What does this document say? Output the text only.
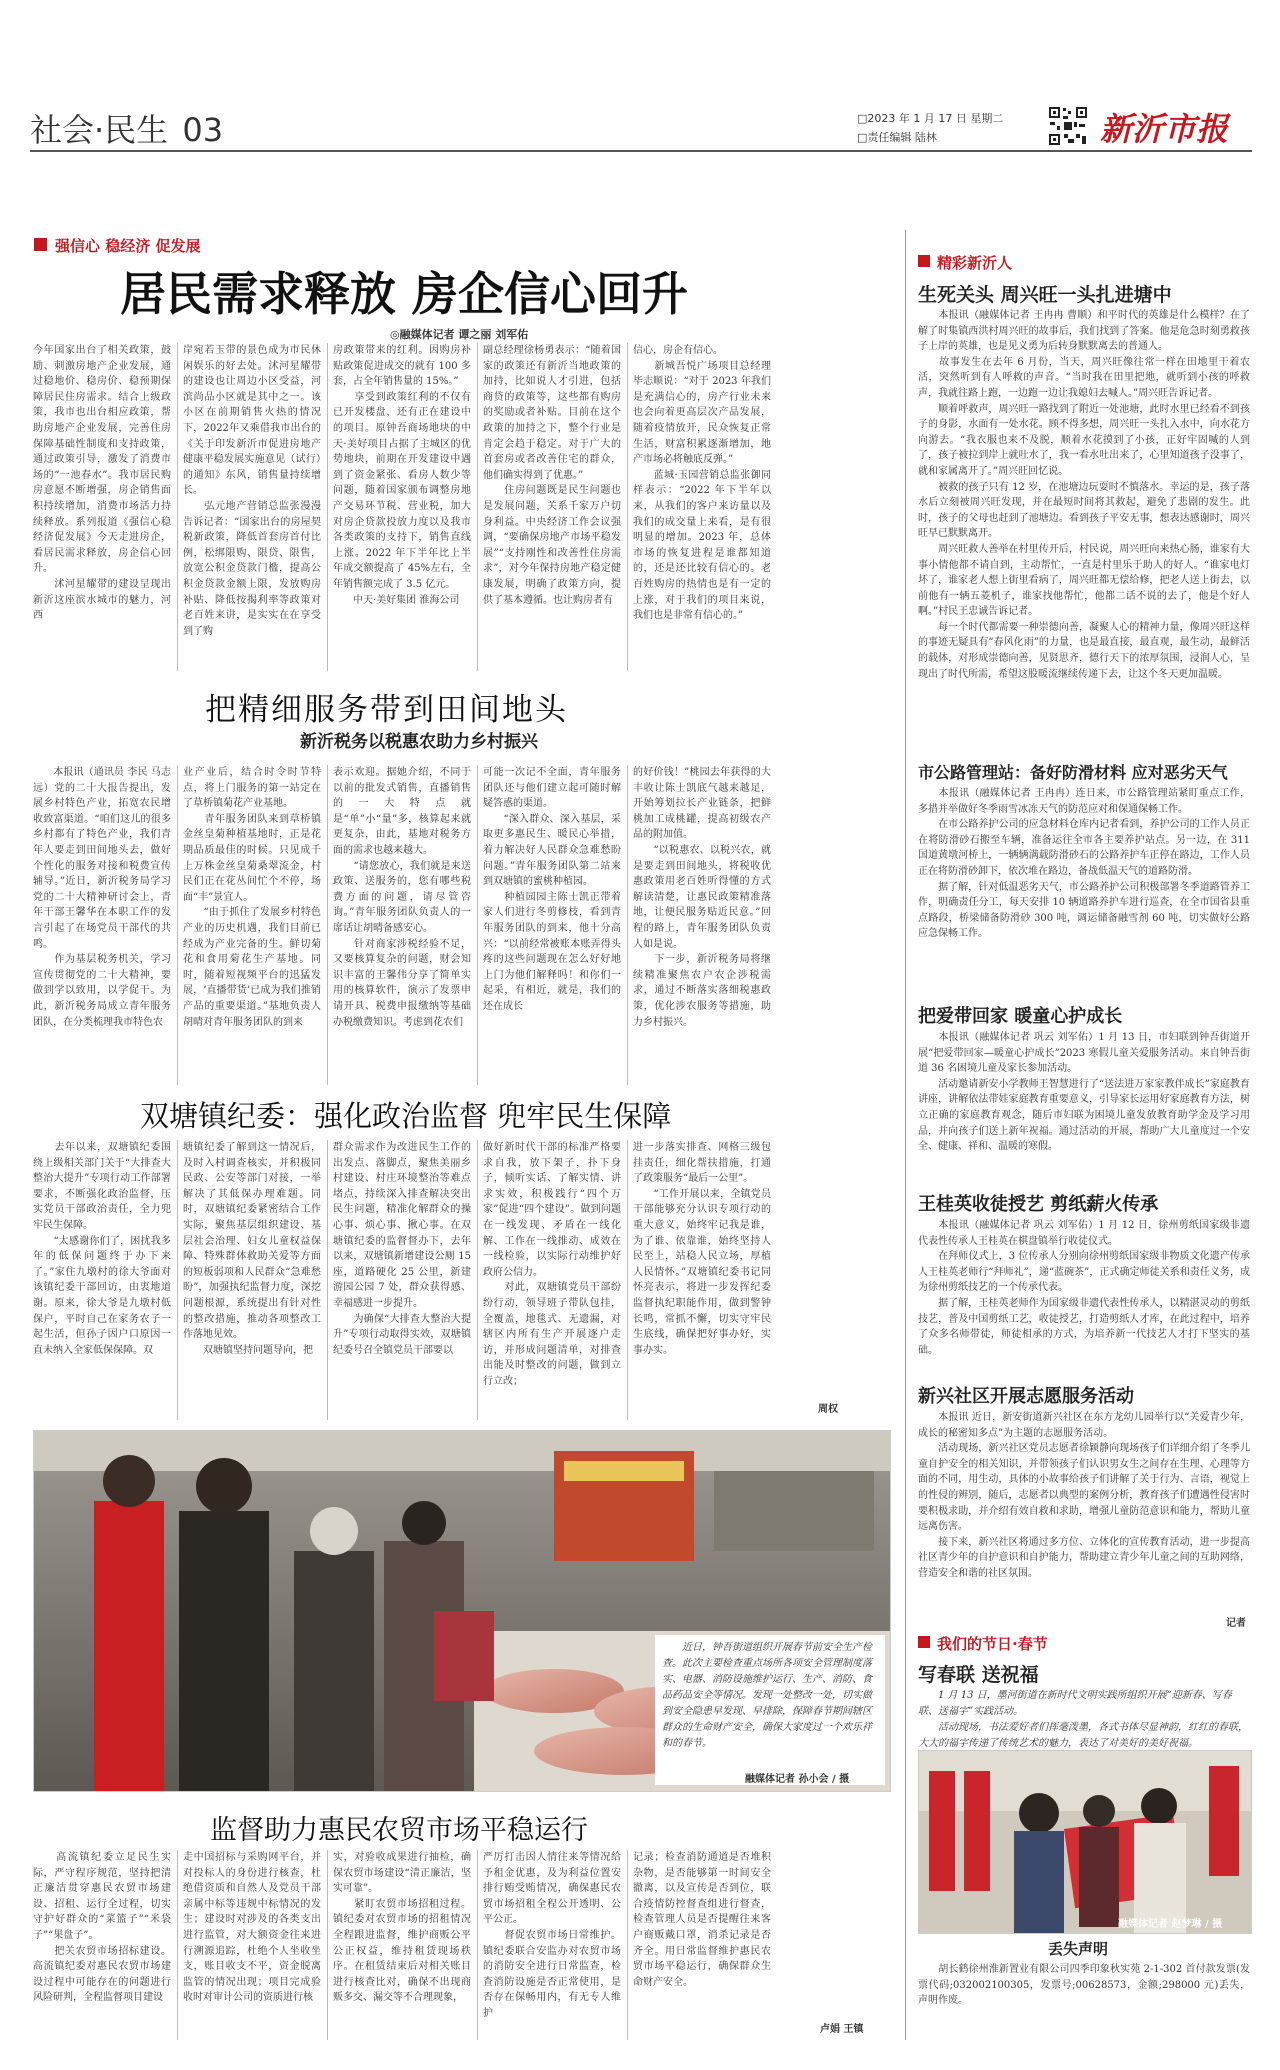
社会·民生 03	□2023 年 1 月 17 日 星期二
□责任编辑 陆林	新沂市报
强信心 稳经济 促发展
居民需求释放 房企信心回升
◎融媒体记者 谭之丽 刘军佑
今年国家出台了相关政策，鼓励、刺激房地产企业发展，通过稳地价、稳房价、稳预期保障居民住房需求。结合上级政策，我市也出台相应政策，帮助房地产企业发展，完善住房保障基础性制度和支持政策，通过政策引导，激发了消费市场的“一池春水”。我市居民购房意愿不断增强，房企销售面积持续增加，消费市场活力持续释放。系列报道《强信心稳经济促发展》今天走进房企，看居民需求释放，房企信心回升。
　　沭河星耀带的建设呈现出新沂这座滨水城市的魅力，河西
岸宛若玉带的景色成为市民休闲娱乐的好去处。沭河星耀带的建设也让周边小区受益，河滨尚品小区就是其中之一。该小区在前期销售火热的情况下，2022年又乘借我市出台的《关于印发新沂市促进房地产健康平稳发展实施意见（试行）的通知》东风，销售量持续增长。
　　弘元地产营销总监张漫漫告诉记者：“国家出台的房屋契税新政策，降低首套房首付比例，松绑限购、限贷、限售，放宽公积金贷款门槛，提高公积金贷款金额上限，发放购房补贴、降低按揭利率等政策对老百姓来讲，是实实在在享受到了购
房政策带来的红利。因购房补贴政策促进成交的就有 100 多套，占全年销售量的 15%。”
　　享受到政策红利的不仅有已开发楼盘，还有正在建设中的项目。原钟吾商场地块的中天·美好项目占据了主城区的优势地块，前期在开发建设中遇到了资金紧张、看房人数少等问题，随着国家颁布调整房地产交易环节税、营业税，加大对房企贷款投放力度以及我市各类政策的支持下，销售直线上涨。2022 年下半年比上半年成交额提高了 45%左右，全年销售额完成了 3.5 亿元。
　　中天·美好集团 淮海公司
副总经理徐杨勇表示：“随着国家的政策还有新沂当地政策的加持，比如说人才引进，包括商贷的政策等，这些都有购房的奖励或者补贴。目前在这个政策的加持之下，整个行业是肯定会趋于稳定。对于广大的首套房或者改善住宅的群众，他们确实得到了优惠。”
　　住房问题既是民生问题也是发展问题，关系千家万户切身利益。中央经济工作会议强调，“要确保房地产市场平稳发展”“支持刚性和改善性住房需求”，对今年保持房地产稳定健康发展，明确了政策方向，提供了基本遵循。也让购房者有
信心，房企有信心。
　　新城吾悦广场项目总经理毕志顺说：“对于 2023 年我们是充满信心的，房产行业未来也会向着更高层次产品发展，随着疫情放开，民众恢复正常生活，财富积累逐渐增加，地产市场必将触底反弹。”
　　蓝城·玉园营销总监张御同样表示：“2022 年下半年以来，从我们的客户来访量以及我们的成交量上来看，是有很明显的增加。2023 年，总体市场的恢复进程是谁都知道的，还是还比较有信心的。老百姓购房的热情也是有一定的上涨，对于我们的项目来说，我们也是非常有信心的。”
把精细服务带到田间地头
新沂税务以税惠农助力乡村振兴
　　本报讯（通讯员 李民 马志远）党的二十大报告提出，发展乡村特色产业，拓宽农民增收致富渠道。“咱们这儿的很多乡村都有了特色产业，我们青年人要走到田间地头去，做好个性化的服务对接和税费宣传辅导。”近日，新沂税务局学习党的二十大精神研讨会上，青年干部王馨华在本职工作的发言引起了在场党员干部代的共鸣。
　　作为基层税务机关，学习宣传贯彻党的二十大精神，要做到学以致用，以学促干。为此，新沂税务局成立青年服务团队，在分类梳理我市特色农
业产业后，结合时令时节特点，将上门服务的第一站定在了草桥镇菊花产业基地。
　　青年服务团队来到草桥镇金丝皇菊种植基地时，正是花期品质最佳的时候。只见成千上万株金丝皇菊桑翠流金，村民们正在花丛间忙个不停，场面“丰”景宜人。
　　“由于抓住了发展乡村特色产业的历史机遇，我们目前已经成为产业完备的生。鲜切菊花和食用菊花生产基地。同时，随着短视频平台的迅猛发展，‘直播带货’已成为我们推销产品的重要渠道。”基地负责人胡晴对青年服务团队的到来
表示欢迎。据她介绍，不同于以前的批发式销售，直播销售的一大特点就是“单”小“量”多，核算起来就更复杂，由此，基地对税务方面的需求也越来越大。
　　“请您放心，我们就是来送政策、送服务的，您有哪些税费方面的问题，请尽管咨询。”青年服务团队负责人的一席话让胡晴备感安心。
　　针对商家涉税经验不足，又要核算复杂的问题，财会知识丰富的王馨伟分享了简单实用的核算软件，演示了发票申请开具、税费申报缴纳等基础办税缴费知识。考虑到花农们
可能一次记不全面，青年服务团队还与他们建立起可随时解疑答惑的渠道。
　　“深入群众、深入基层，采取更多惠民生、暖民心举措，着力解决好人民群众急难愁盼问题。”青年服务团队第二站来到双塘镇的蜜桃种植园。
　　种植园园主陈士凯正带着家人们进行冬剪修枝，看到青年服务团队的到来，他十分高兴：“以前经常被账本账弄得头疼的这些问题现在怎么好好地上门为他们解释吗！和你们一起采，有相近，就是，我们的还在成长
的好价钱！”桃园去年获得的大丰收让陈士凯底气越来越足，开始筹划拉长产业链条，把鲜桃加工成桃罐，提高初级农产品的附加值。
　　“以税惠农、以税兴农，就是要走到田间地头，将税收优惠政策用老百姓听得懂的方式解读清楚，让惠民政策精准落地，让便民服务贴近民意。”回程的路上，青年服务团队负责人如是说。
　　下一步，新沂税务局将继续精准聚焦农户农企涉税需求，通过不断落实落细税惠政策，优化涉农服务等措施，助力乡村振兴。
双塘镇纪委：强化政治监督 兜牢民生保障
　　去年以来，双塘镇纪委围绕上级相关部门关于“大排查大整治大提升”专项行动工作部署要求，不断强化政治监督，压实党员干部政治责任，全力兜牢民生保障。
　　“太感谢你们了，困扰我多年的低保问题终于办下来了。”家住九墩村的徐大爷面对该镇纪委干部回访，由衷地道谢。原来，徐大爷是九墩村低保户，平时自己在家务农子一起生活，但孙子因户口原因一直未纳入全家低保保障。双
塘镇纪委了解到这一情况后，及时入村调查核实，并积极同民政、公安等部门对接，一举解决了其低保办理难题。同时，双塘镇纪委紧密结合工作实际，聚焦基层组织建设、基层社会治理、妇女儿童权益保障、特殊群体救助关爱等方面的短板弱项和人民群众“急难愁盼”，加强执纪监督力度，深挖问题根源，系统提出有针对性的整改措施，推动各项整改工作落地见效。
　　双塘镇坚持问题导向，把
群众需求作为改进民生工作的出发点、落脚点，聚焦美丽乡村建设、村庄环境整治等难点堵点，持续深入排查解决突出民生问题，精准化解群众的操心事、烦心事、揪心事。在双塘镇纪委的监督督办下，去年以来，双塘镇新增建设公厕 15 座，道路硬化 25 公里，新建游园公园 7 处，群众获得感、幸福感进一步提升。
　　为确保“大排查大整治大提升”专项行动取得实效，双塘镇纪委号召全镇党员干部要以
做好新时代干部的标准严格要求自我，放下架子，扑下身子，倾听实话、了解实情、讲求实效，积极践行“四个万家”促进“四个建设”。做到问题在一线发现、矛盾在一线化解、工作在一线推动、成效在一线检验，以实际行动维护好政府公信力。
　　对此，双塘镇党员干部纷纷行动，领导班子带队包挂，全覆盖，地毯式、无遗漏，对辖区内所有生产开展逐户走访，并形成问题清单，对排查出能及时整改的问题，做到立行立改；
进一步落实排查、网格三级包挂责任，细化帮扶措施，打通了政策服务“最后一公里”。
　　“工作开展以来，全镇党员干部能够充分认识专项行动的重大意义，始终牢记我是谁，为了谁、依靠谁，始终坚持人民至上，站稳人民立场，厚植人民情怀。”双塘镇纪委书记同怀亮表示，将进一步发挥纪委监督执纪职能作用，做到警钟长鸣，常抓不懈，切实守牢民生底线，确保把好事办好，实事办实。
周权
　　近日，钟吾街道组织开展春节前安全生产检查。此次主要检查重点场所各项安全管理制度落实、电器、消防设施维护运行、生产、消防、食品药品安全等情况。发现一处整改一处，切实做到安全隐患早发现、早排除，保障春节期间辖区群众的生命财产安全，确保大家度过一个欢乐祥和的春节。
融媒体记者 孙小会 / 摄
监督助力惠民农贸市场平稳运行
　　高流镇纪委立足民生实际，严守程序规范，坚持把清正廉洁贯穿惠民农贸市场建设、招租、运行全过程，切实守护好群众的“菜篮子”“米袋子”“果盘子”。
　　把关农贸市场招标建设。高流镇纪委对惠民农贸市场建设过程中可能存在的问题进行风险研判，全程监督项目建设
走中国招标与采购网平台，并对投标人的身份进行核查，杜绝借资质和自然人及党员干部亲属中标等违规中标情况的发生；建设时对涉及的各类支出进行监管，对大额资金往来进行溯源追踪，杜绝个人坐收坐支，账目收支不平，资金脱离监管的情况出现；项目完成验收时对审计公司的资质进行核
实，对验收成果进行抽检，确保农贸市场建设“清正廉洁，坚实可靠”。
　　紧盯农贸市场招租过程。镇纪委对农贸市场的招租情况全程跟进监督，维护商贩公平公正权益，维持租赁现场秩序。在租赁结束后对相关账目进行核查比对，确保不出现商贩多交、漏交等不合理现象，
严厉打击因人情往来等情况给予租金优惠，及为利益位置安排行贿受贿情况，确保惠民农贸市场招租全程公开透明、公平公正。
　　督促农贸市场日常维护。镇纪委联合安监办对农贸市场的消防安全进行日常监查，检查消防设施是否正常使用，是否存在保畅用内，有无专人维护
记录；检查消防通道是否堆积杂物，是否能够第一时间安全撤离，以及宣传是否到位，联合疫情防控督查组进行督查，检查管理人员是否提醒往来客户商贩戴口罩，消杀记录是否齐全。用日常监督维护惠民农贸市场平稳运行，确保群众生命财产安全。
卢娟 王镇
精彩新沂人
生死关头 周兴旺一头扎进塘中
　　本报讯（融媒体记者 王冉冉 曹顺）和平时代的英雄是什么模样？在了解了时集镇西洪村周兴旺的故事后，我们找到了答案。他是危急时刻勇救孩子上岸的英雄，也是见义勇为后转身默默离去的普通人。
　　故事发生在去年 6 月份，当天，周兴旺像往常一样在田地里干着农活，突然听到有人呼救的声音。“当时我在田里把地，就听到小孩的呼救声，我就往路上跑，一边跑一边让我媳妇去喊人。”周兴旺告诉记者。
　　顺着呼救声，周兴旺一路找到了附近一处池塘，此时水里已经看不到孩子的身影，水面有一处水花。顾不得多想，周兴旺一头扎入水中，向水花方向游去。“我衣服也来不及脱，顺着水花摸到了小孩，正好牢固喊的人到了，孩子被拉到岸上就吐水了，我一看水吐出来了，心里知道孩子没事了，就和家属离开了。”周兴旺回忆说。
　　被救的孩子只有 12 岁，在池塘边玩耍时不慎落水。幸运的是，孩子落水后立刻被周兴旺发现，并在最短时间将其救起，避免了悲剧的发生。此时，孩子的父母也赶到了池塘边。看到孩子平安无事，想表达感谢时，周兴旺早已默默离开。
　　周兴旺救人善举在村里传开后，村民说，周兴旺向来热心肠，谁家有大事小情他都不请自到，主动帮忙，一直是村里乐于助人的好人。“谁家电灯坏了，谁家老人想上街里看病了，周兴旺都无偿给修，把老人送上街去，以前他有一辆五菱机子，谁家找他帮忙，他都二话不说的去了，他是个好人啊。”村民王忠诚告诉记者。
　　每一个时代都需要一种崇德向善，凝聚人心的精神力量，像周兴旺这样的事迹无疑具有“春风化雨”的力量，也是最直接，最直观，最生动，最鲜活的载体，对形成崇德向善，见贤思齐，德行天下的浓厚氛围，浸润人心，呈现出了时代所需，希望这股暖流继续传递下去，让这个冬天更加温暖。
市公路管理站：备好防滑材料 应对恶劣天气
　　本报讯（融媒体记者 王冉冉）连日来，市公路管理站紧盯重点工作，多措并举做好冬季雨雪冰冻天气的防范应对和保通保畅工作。
　　在市公路养护公司的应急材料仓库内记者看到，养护公司的工作人员正在将防滑砂石搬至车辆，准备运往全市各主要养护站点。另一边，在 311 国道黄墩河桥上，一辆辆满载防滑砂石的公路养护车正停在路边，工作人员正在将防滑砂卸下，依次堆在路边，备战低温天气的道路防滑。
　　据了解，针对低温恶劣天气，市公路养护公司积极部署冬季道路管养工作，明确责任分工，每天安排 10 辆道路养护车进行巡查，在全市国省县重点路段，桥梁储备防滑砂 300 吨，调运储备融雪剂 60 吨，切实做好公路应急保畅工作。
把爱带回家 暖童心护成长
　　本报讯（融媒体记者 巩云 刘军佑）1 月 13 日，市妇联到钟吾街道开展“把爱带回家—暖童心护成长”2023 寒假儿童关爱服务活动。来自钟吾街道 36 名困境儿童及家长参加活动。
　　活动邀请新安小学教师王智慧进行了“送法进万家家教伴成长”家庭教育讲座，讲解依法带娃家庭教育重要意义，引导家长运用好家庭教育方法，树立正确的家庭教育观念，随后市妇联为困境儿童发放教育助学金及学习用品，并向孩子们送上新年祝福。通过活动的开展，帮助广大儿童度过一个安全、健康、祥和、温暖的寒假。
王桂英收徒授艺 剪纸薪火传承
　　本报讯（融媒体记者 巩云 刘军佑）1 月 12 日，徐州剪纸国家级非遗代表性传承人王桂英在棋盘镇举行收徒仪式。
　　在拜师仪式上，3 位传承人分别向徐州剪纸国家级非物质文化遗产传承人王桂英老师行“拜师礼”，递“蓝碗茶”，正式确定师徒关系和责任义务，成为徐州剪纸技艺的一个传承代表。
　　据了解，王桂英老师作为国家级非遗代表性传承人，以精湛灵动的剪纸技艺，普及中国剪纸工艺，收徒授艺，打造剪纸人才库，在此过程中，培养了众多名师带徒，师徒相承的方式，为培养新一代技艺人才打下坚实的基础。
新兴社区开展志愿服务活动
　　本报讯 近日，新安街道新兴社区在东方龙幼儿园举行以“关爱青少年，成长的秘密知多点”为主题的志愿服务活动。
　　活动现场，新兴社区党员志愿者徐颖静向现场孩子们详细介绍了冬季儿童自护安全的相关知识，并带领孩子们认识男女生之间存在生理、心理等方面的不同，用生动，具体的小故事给孩子们讲解了关于行为、言语，视觉上的性侵的辨别，随后，志愿者以典型的案例分析，教育孩子们遭遇性侵害时要积极求助，并介绍有效自救和求助，增强儿童防范意识和能力，帮助儿童远离伤害。
　　接下来，新兴社区将通过多方位、立体化的宣传教育活动，进一步提高社区青少年的自护意识和自护能力，帮助建立青少年儿童之间的互助网络，营造安全和谐的社区氛围。
记者
我们的节日·春节
写春联 送祝福
　　1 月 13 日，墨河街道在新时代文明实践所组织开展“迎新春、写春联、送福字”实践活动。
　　活动现场，书法爱好者们挥毫泼墨，各式书体尽显神韵，红红的春联，大大的福字传递了传统艺术的魅力，表达了对美好的美好祝福。
融媒体记者 赵梦琳 / 摄
丢失声明
　　胡长鹤徐州淮新置业有限公司四季印象秋实苑 2-1-302 首付款发票(发票代码;032002100305，发票号;00628573，金额;298000 元)丢失，声明作废。
